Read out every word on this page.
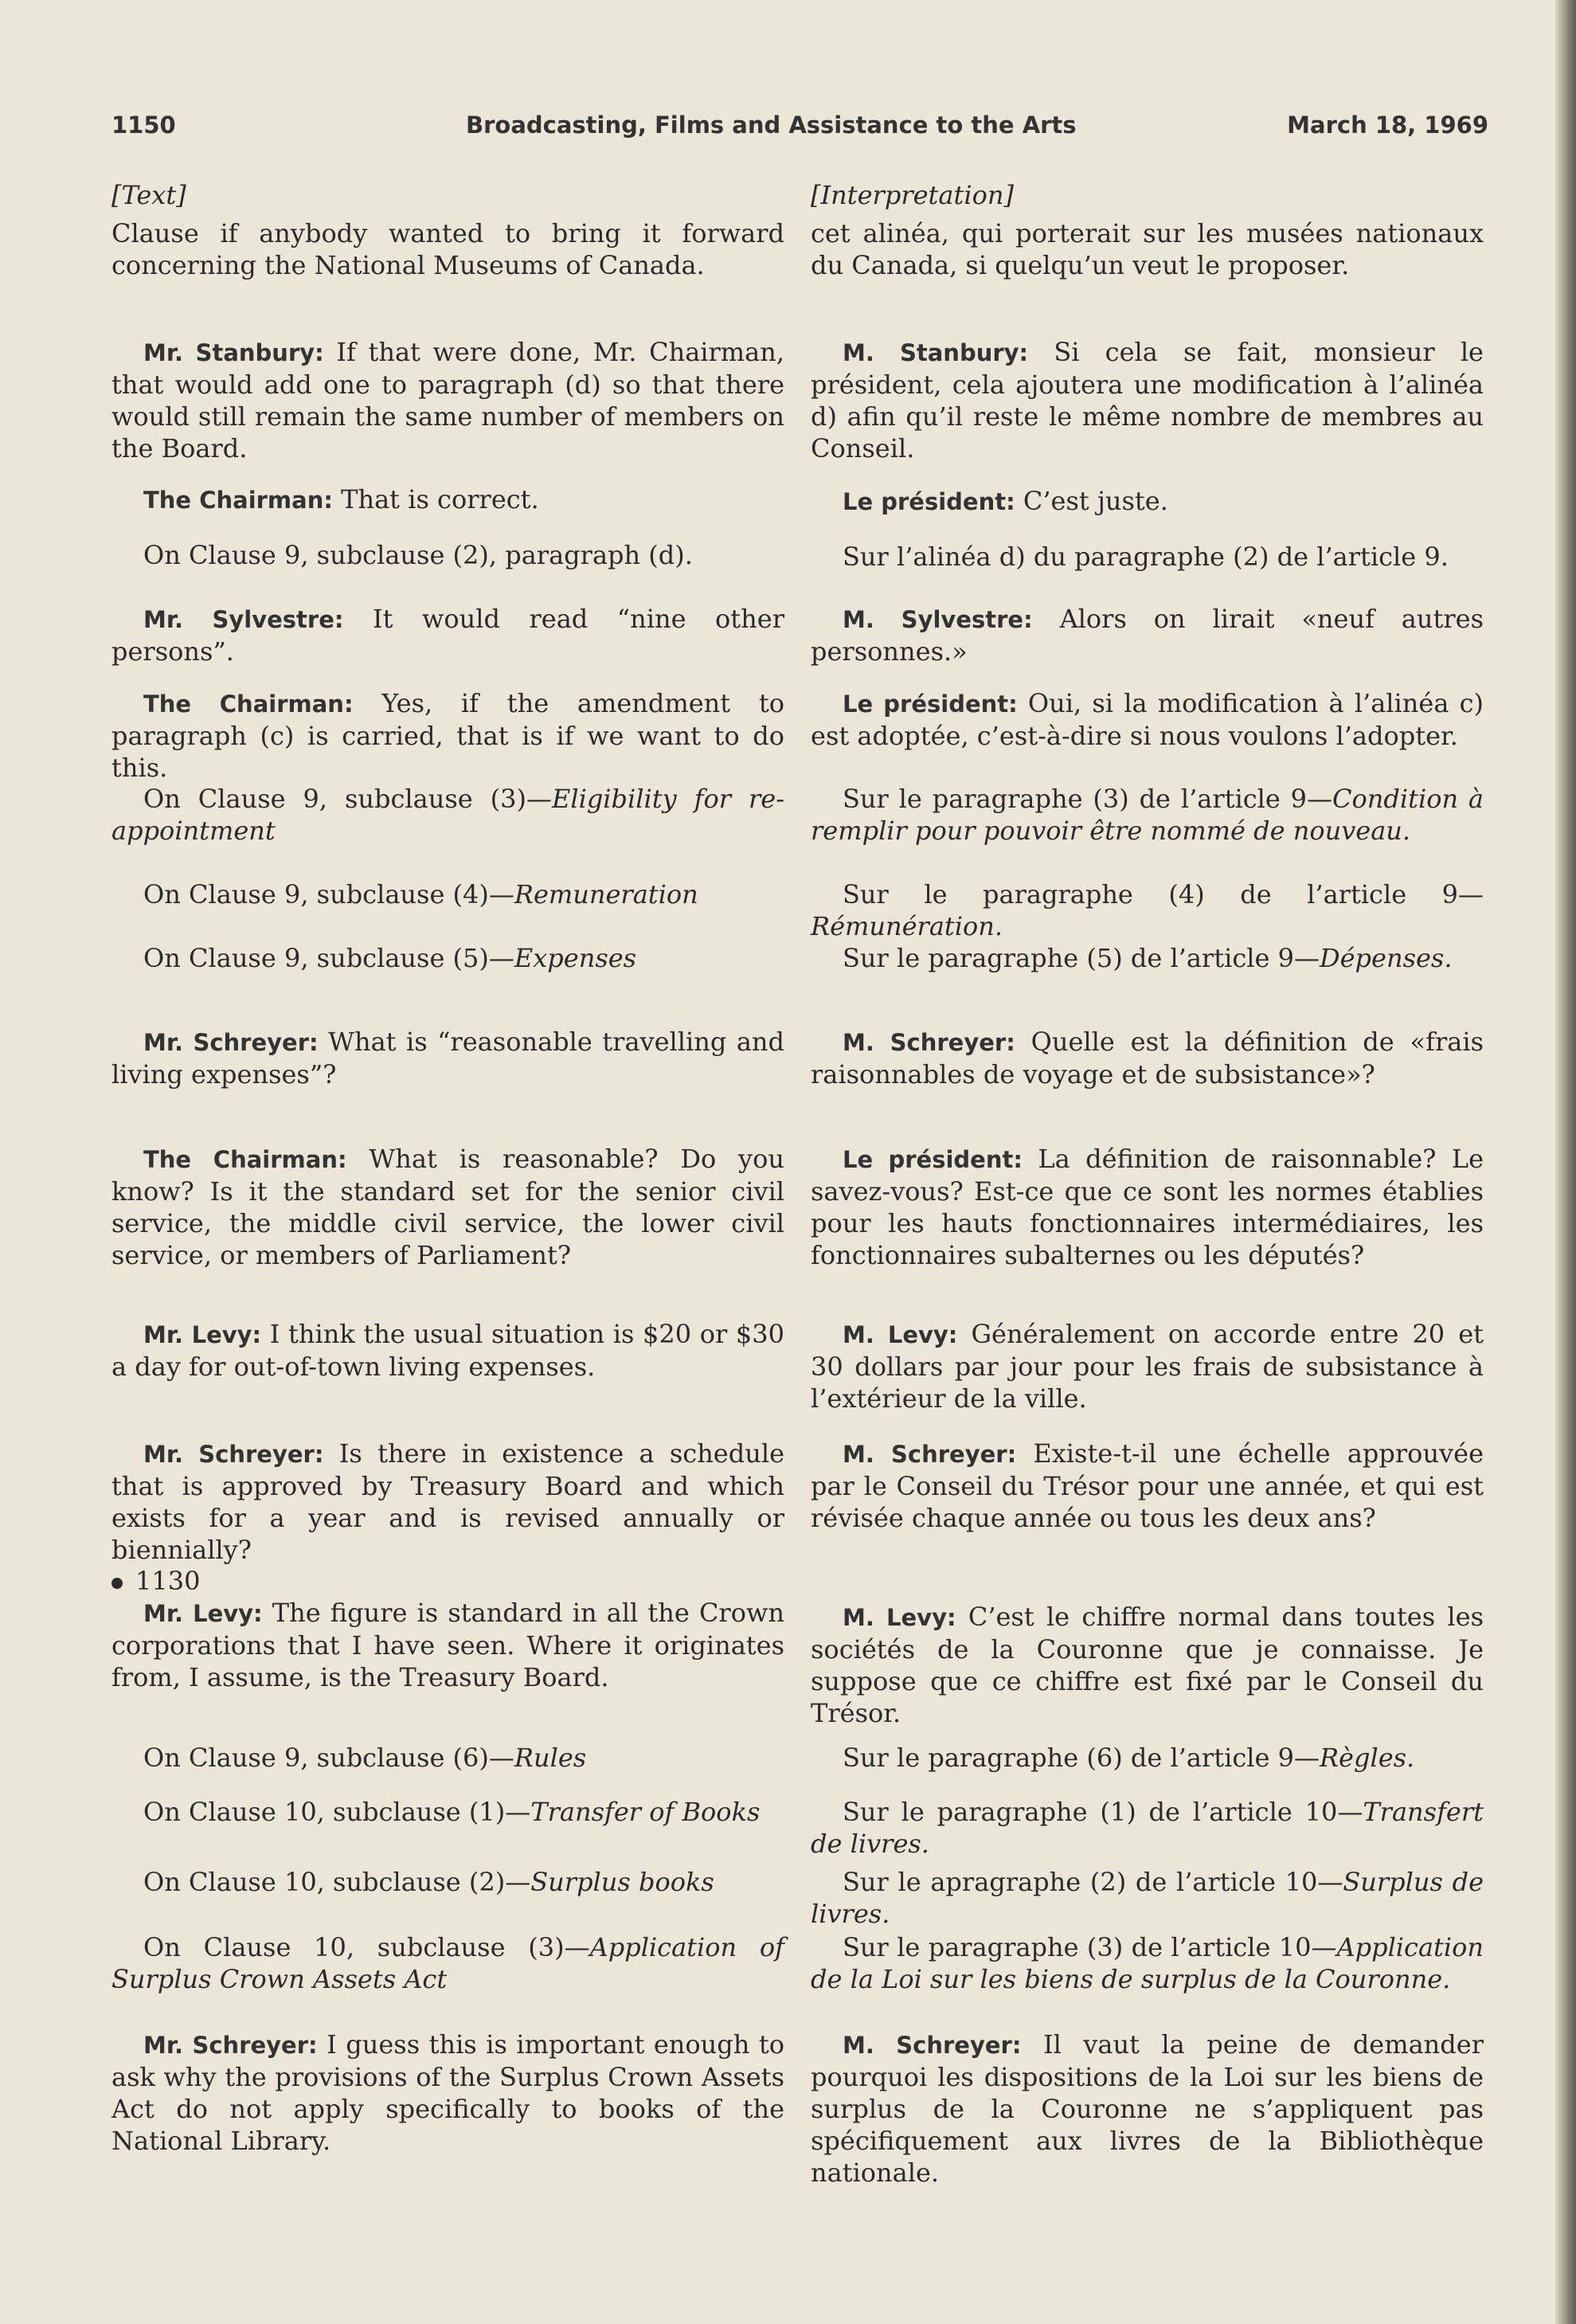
1150	Broadcasting, Films and Assistance to the Arts	March 18, 1969
[Text]
Clause if anybody wanted to bring it forward concerning the National Museums of Canada.
Mr. Stanbury: If that were done, Mr. Chairman, that would add one to paragraph (d) so that there would still remain the same number of members on the Board.
The Chairman: That is correct.
On Clause 9, subclause (2), paragraph (d).
Mr. Sylvestre: It would read “nine other persons”.
The Chairman: Yes, if the amendment to paragraph (c) is carried, that is if we want to do this.
On Clause 9, subclause (3)—Eligibility for re-appointment
On Clause 9, subclause (4)—Remuneration
On Clause 9, subclause (5)—Expenses
Mr. Schreyer: What is “reasonable travelling and living expenses”?
The Chairman: What is reasonable? Do you know? Is it the standard set for the senior civil service, the middle civil service, the lower civil service, or members of Parliament?
Mr. Levy: I think the usual situation is $20 or $30 a day for out-of-town living expenses.
Mr. Schreyer: Is there in existence a schedule that is approved by Treasury Board and which exists for a year and is revised annually or biennially?
1130
Mr. Levy: The figure is standard in all the Crown corporations that I have seen. Where it originates from, I assume, is the Treasury Board.
On Clause 9, subclause (6)—Rules
On Clause 10, subclause (1)—Transfer of Books
On Clause 10, subclause (2)—Surplus books
On Clause 10, subclause (3)—Application of Surplus Crown Assets Act
Mr. Schreyer: I guess this is important enough to ask why the provisions of the Surplus Crown Assets Act do not apply specifically to books of the National Library.
[Interpretation]
cet alinéa, qui porterait sur les musées nationaux du Canada, si quelqu’un veut le proposer.
M. Stanbury: Si cela se fait, monsieur le président, cela ajoutera une modification à l’alinéa d) afin qu’il reste le même nombre de membres au Conseil.
Le président: C’est juste.
Sur l’alinéa d) du paragraphe (2) de l’article 9.
M. Sylvestre: Alors on lirait «neuf autres personnes.»
Le président: Oui, si la modification à l’alinéa c) est adoptée, c’est-à-dire si nous voulons l’adopter.
Sur le paragraphe (3) de l’article 9—Condition à remplir pour pouvoir être nommé de nouveau.
Sur le paragraphe (4) de l’article 9—Rémunération.
Sur le paragraphe (5) de l’article 9—Dépenses.
M. Schreyer: Quelle est la définition de «frais raisonnables de voyage et de subsistance»?
Le président: La définition de raisonnable? Le savez-vous? Est-ce que ce sont les normes établies pour les hauts fonctionnaires intermédiaires, les fonctionnaires subalternes ou les députés?
M. Levy: Généralement on accorde entre 20 et 30 dollars par jour pour les frais de subsistance à l’extérieur de la ville.
M. Schreyer: Existe-t-il une échelle approuvée par le Conseil du Trésor pour une année, et qui est révisée chaque année ou tous les deux ans?
M. Levy: C’est le chiffre normal dans toutes les sociétés de la Couronne que je connaisse. Je suppose que ce chiffre est fixé par le Conseil du Trésor.
Sur le paragraphe (6) de l’article 9—Règles.
Sur le paragraphe (1) de l’article 10—Transfert de livres.
Sur le apragraphe (2) de l’article 10—Surplus de livres.
Sur le paragraphe (3) de l’article 10—Application de la Loi sur les biens de surplus de la Couronne.
M. Schreyer: Il vaut la peine de demander pourquoi les dispositions de la Loi sur les biens de surplus de la Couronne ne s’appliquent pas spécifiquement aux livres de la Bibliothèque nationale.
